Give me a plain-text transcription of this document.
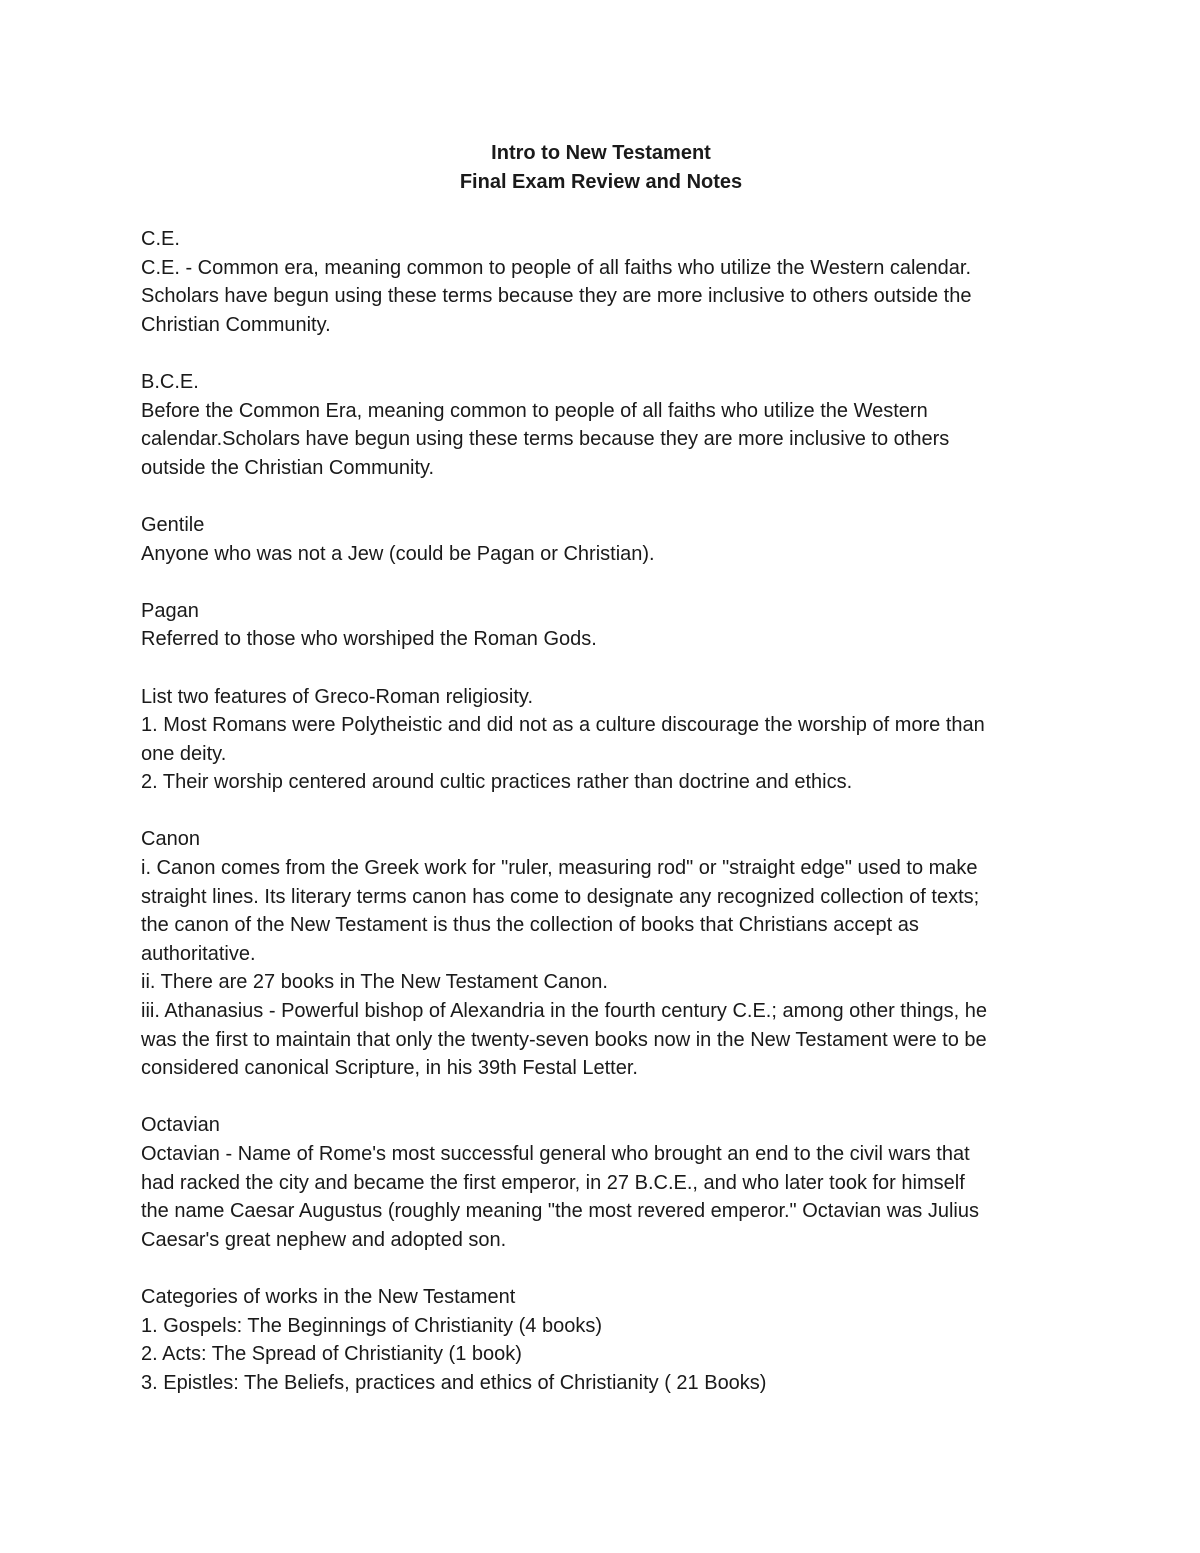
Intro to New Testament

Final Exam Review and Notes

C.E.

C.E. - Common era, meaning common to people of all faiths who utilize the Western calendar.

Scholars have begun using these terms because they are more inclusive to others outside the

Christian Community.

B.C.E.

Before the Common Era, meaning common to people of all faiths who utilize the Western

calendar.Scholars have begun using these terms because they are more inclusive to others

outside the Christian Community.

Gentile

Anyone who was not a Jew (could be Pagan or Christian).

Pagan

Referred to those who worshiped the Roman Gods.

List two features of Greco-Roman religiosity.

1. Most Romans were Polytheistic and did not as a culture discourage the worship of more than

one deity.

2. Their worship centered around cultic practices rather than doctrine and ethics.

Canon

i. Canon comes from the Greek work for "ruler, measuring rod" or "straight edge" used to make

straight lines. Its literary terms canon has come to designate any recognized collection of texts;

the canon of the New Testament is thus the collection of books that Christians accept as

authoritative.

ii. There are 27 books in The New Testament Canon.

iii. Athanasius - Powerful bishop of Alexandria in the fourth century C.E.; among other things, he

was the first to maintain that only the twenty-seven books now in the New Testament were to be

considered canonical Scripture, in his 39th Festal Letter.

Octavian

Octavian - Name of Rome's most successful general who brought an end to the civil wars that

had racked the city and became the first emperor, in 27 B.C.E., and who later took for himself

the name Caesar Augustus (roughly meaning "the most revered emperor." Octavian was Julius

Caesar's great nephew and adopted son.

Categories of works in the New Testament

1. Gospels: The Beginnings of Christianity (4 books)

2. Acts: The Spread of Christianity (1 book)

3. Epistles: The Beliefs, practices and ethics of Christianity ( 21 Books)
